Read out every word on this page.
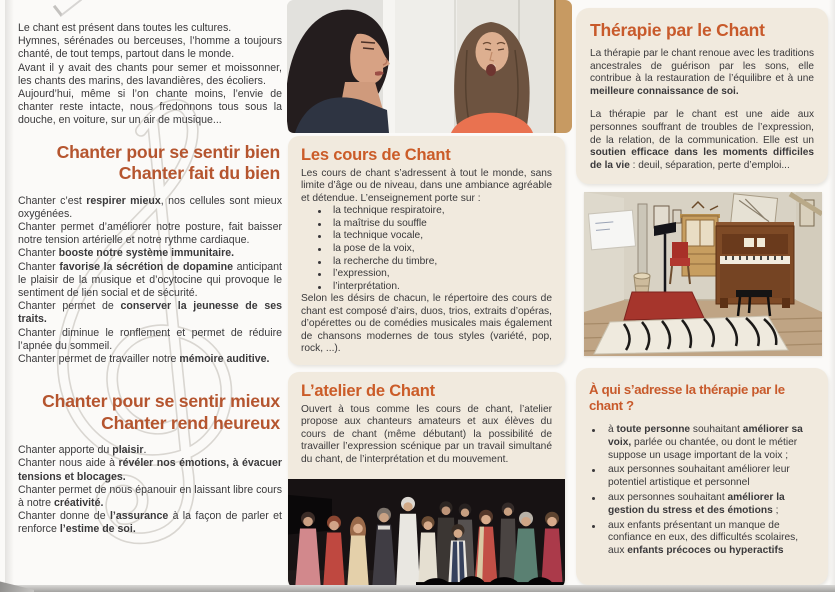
Le chant est présent dans toutes les cultures.

Hymnes, sérénades ou berceuses, l’homme a toujours chanté, de tout temps, partout dans le monde.

Avant il y avait des chants pour semer et moissonner, les chants des marins, des lavandières, des écoliers.

Aujourd’hui, même si l’on chante moins, l’envie de chanter reste intacte, nous fredonnons tous sous la douche, en voiture, sur un air de musique...

Chanter pour se sentir bien
Chanter fait du bien

Chanter c’est respirer mieux, nos cellules sont mieux oxygénées.

Chanter permet d’améliorer notre posture, fait baisser notre tension artérielle et notre rythme cardiaque.

Chanter booste notre système immunitaire.

Chanter favorise la sécrétion de dopamine anticipant le plaisir de la musique et d’ocytocine qui provoque le sentiment de lien social et de sécurité.

Chanter permet de conserver la jeunesse de ses traits.

Chanter diminue le ronflement et permet de réduire l’apnée du sommeil.

Chanter permet de travailler notre mémoire auditive.

Chanter pour se sentir mieux
Chanter rend heureux

Chanter apporte du plaisir.

Chanter nous aide à révéler nos émotions, à évacuer tensions et blocages.

Chanter permet de nous épanouir en laissant libre cours à notre créativité.

Chanter donne de l’assurance à la façon de parler et renforce l’estime de soi.

Les cours de Chant

Les cours de chant s’adressent à tout le monde, sans limite d’âge ou de niveau, dans une ambiance agréable et détendue. L’enseignement porte sur :

la technique respiratoire,
la maîtrise du souffle
la technique vocale,
la pose de la voix,
la recherche du timbre,
l’expression,
l’interprétation.

Selon les désirs de chacun, le répertoire des cours de chant est composé d’airs, duos, trios, extraits d’opéras, d’opérettes ou de comédies musicales mais également de chansons modernes de tous styles (variété, pop, rock, ...).

L’atelier de Chant

Ouvert à tous comme les cours de chant, l’atelier propose aux chanteurs amateurs et aux élèves du cours de chant (même débutant) la possibilité de travailler l’expression scénique par un travail simultané du chant, de l’interprétation et du mouvement.

Thérapie par le Chant

La thérapie par le chant renoue avec les traditions ancestrales de guérison par les sons, elle contribue à la restauration de l’équilibre et à une meilleure connaissance de soi.

La thérapie par le chant est une aide aux personnes souffrant de troubles de l’expression, de la relation, de la communication. Elle est un soutien efficace dans les moments difficiles de la vie : deuil, séparation, perte d’emploi...

À qui s’adresse la thérapie par le chant ?
à toute personne souhaitant améliorer sa voix, parlée ou chantée, ou dont le métier suppose un usage important de la voix ;
aux personnes souhaitant améliorer leur potentiel artistique et personnel
aux personnes souhaitant améliorer la gestion du stress et des émotions ;
aux enfants présentant un manque de confiance en eux, des difficultés scolaires, aux enfants précoces ou hyperactifs
